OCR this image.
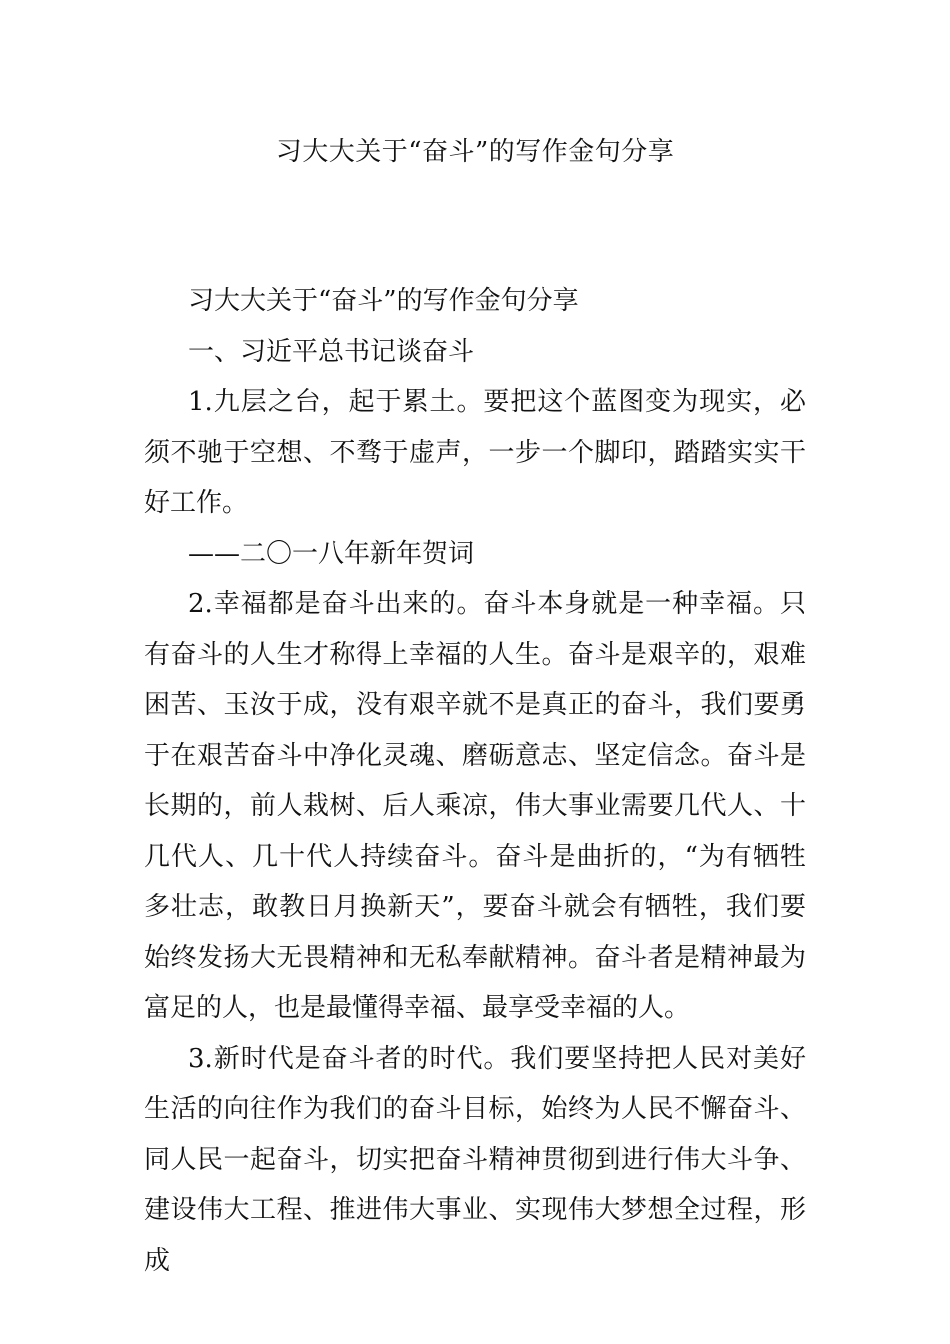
习大大关于“奋斗”的写作金句分享

习大大关于“奋斗”的写作金句分享

一、习近平总书记谈奋斗

1.九层之台，起于累土。要把这个蓝图变为现实，必须不驰于空想、不骛于虚声，一步一个脚印，踏踏实实干好工作。

——二〇一八年新年贺词

2.幸福都是奋斗出来的。奋斗本身就是一种幸福。只有奋斗的人生才称得上幸福的人生。奋斗是艰辛的，艰难困苦、玉汝于成，没有艰辛就不是真正的奋斗，我们要勇于在艰苦奋斗中净化灵魂、磨砺意志、坚定信念。奋斗是长期的，前人栽树、后人乘凉，伟大事业需要几代人、十几代人、几十代人持续奋斗。奋斗是曲折的，“为有牺牲多壮志，敢教日月换新天”，要奋斗就会有牺牲，我们要始终发扬大无畏精神和无私奉献精神。奋斗者是精神最为富足的人，也是最懂得幸福、最享受幸福的人。

3.新时代是奋斗者的时代。我们要坚持把人民对美好生活的向往作为我们的奋斗目标，始终为人民不懈奋斗、同人民一起奋斗，切实把奋斗精神贯彻到进行伟大斗争、建设伟大工程、推进伟大事业、实现伟大梦想全过程，形成
